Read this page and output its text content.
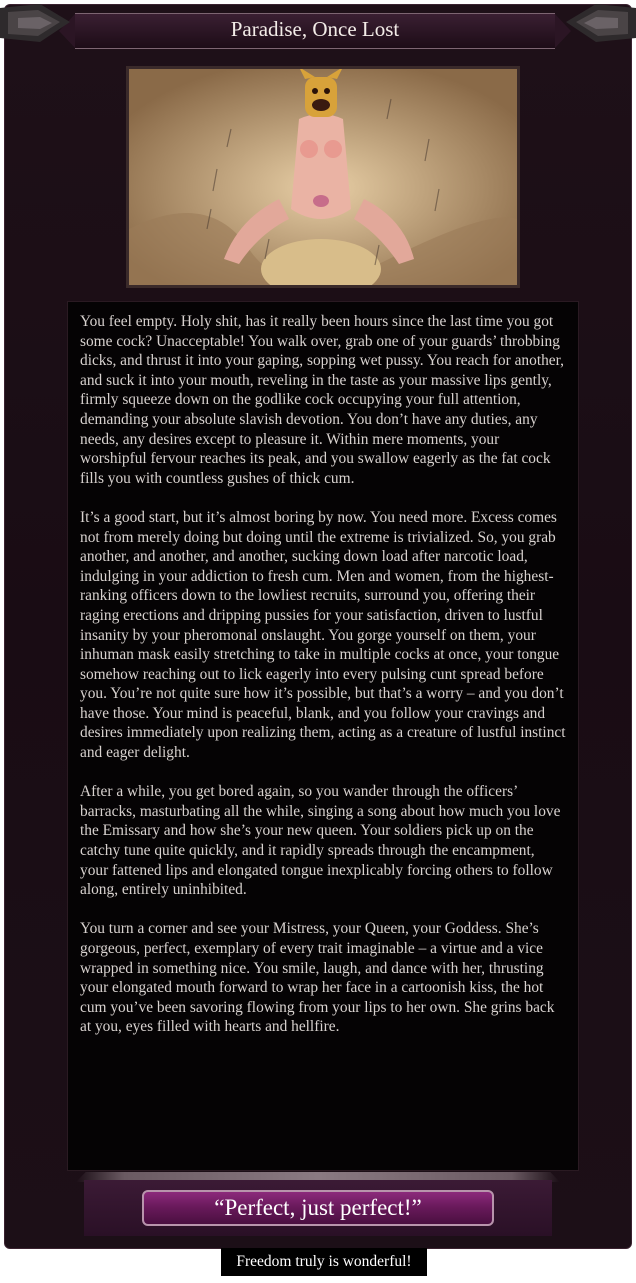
Paradise, Once Lost

You feel empty. Holy shit, has it really been hours since the last time you got some cock? Unacceptable! You walk over, grab one of your guards’ throbbing dicks, and thrust it into your gaping, sopping wet pussy. You reach for another, and suck it into your mouth, reveling in the taste as your massive lips gently, firmly squeeze down on the godlike cock occupying your full attention, demanding your absolute slavish devotion. You don’t have any duties, any needs, any desires except to pleasure it. Within mere moments, your worshipful fervour reaches its peak, and you swallow eagerly as the fat cock fills you with countless gushes of thick cum.

It’s a good start, but it’s almost boring by now. You need more. Excess comes not from merely doing but doing until the extreme is trivialized. So, you grab another, and another, and another, sucking down load after narcotic load, indulging in your addiction to fresh cum. Men and women, from the highest-ranking officers down to the lowliest recruits, surround you, offering their raging erections and dripping pussies for your satisfaction, driven to lustful insanity by your pheromonal onslaught. You gorge yourself on them, your inhuman mask easily stretching to take in multiple cocks at once, your tongue somehow reaching out to lick eagerly into every pulsing cunt spread before you. You’re not quite sure how it’s possible, but that’s a worry – and you don’t have those. Your mind is peaceful, blank, and you follow your cravings and desires immediately upon realizing them, acting as a creature of lustful instinct and eager delight.

After a while, you get bored again, so you wander through the officers’ barracks, masturbating all the while, singing a song about how much you love the Emissary and how she’s your new queen. Your soldiers pick up on the catchy tune quite quickly, and it rapidly spreads through the encampment, your fattened lips and elongated tongue inexplicably forcing others to follow along, entirely uninhibited.

You turn a corner and see your Mistress, your Queen, your Goddess. She’s gorgeous, perfect, exemplary of every trait imaginable – a virtue and a vice wrapped in something nice. You smile, laugh, and dance with her, thrusting your elongated mouth forward to wrap her face in a cartoonish kiss, the hot cum you’ve been savoring flowing from your lips to her own. She grins back at you, eyes filled with hearts and hellfire.

“Perfect, just perfect!”
Freedom truly is wonderful!
